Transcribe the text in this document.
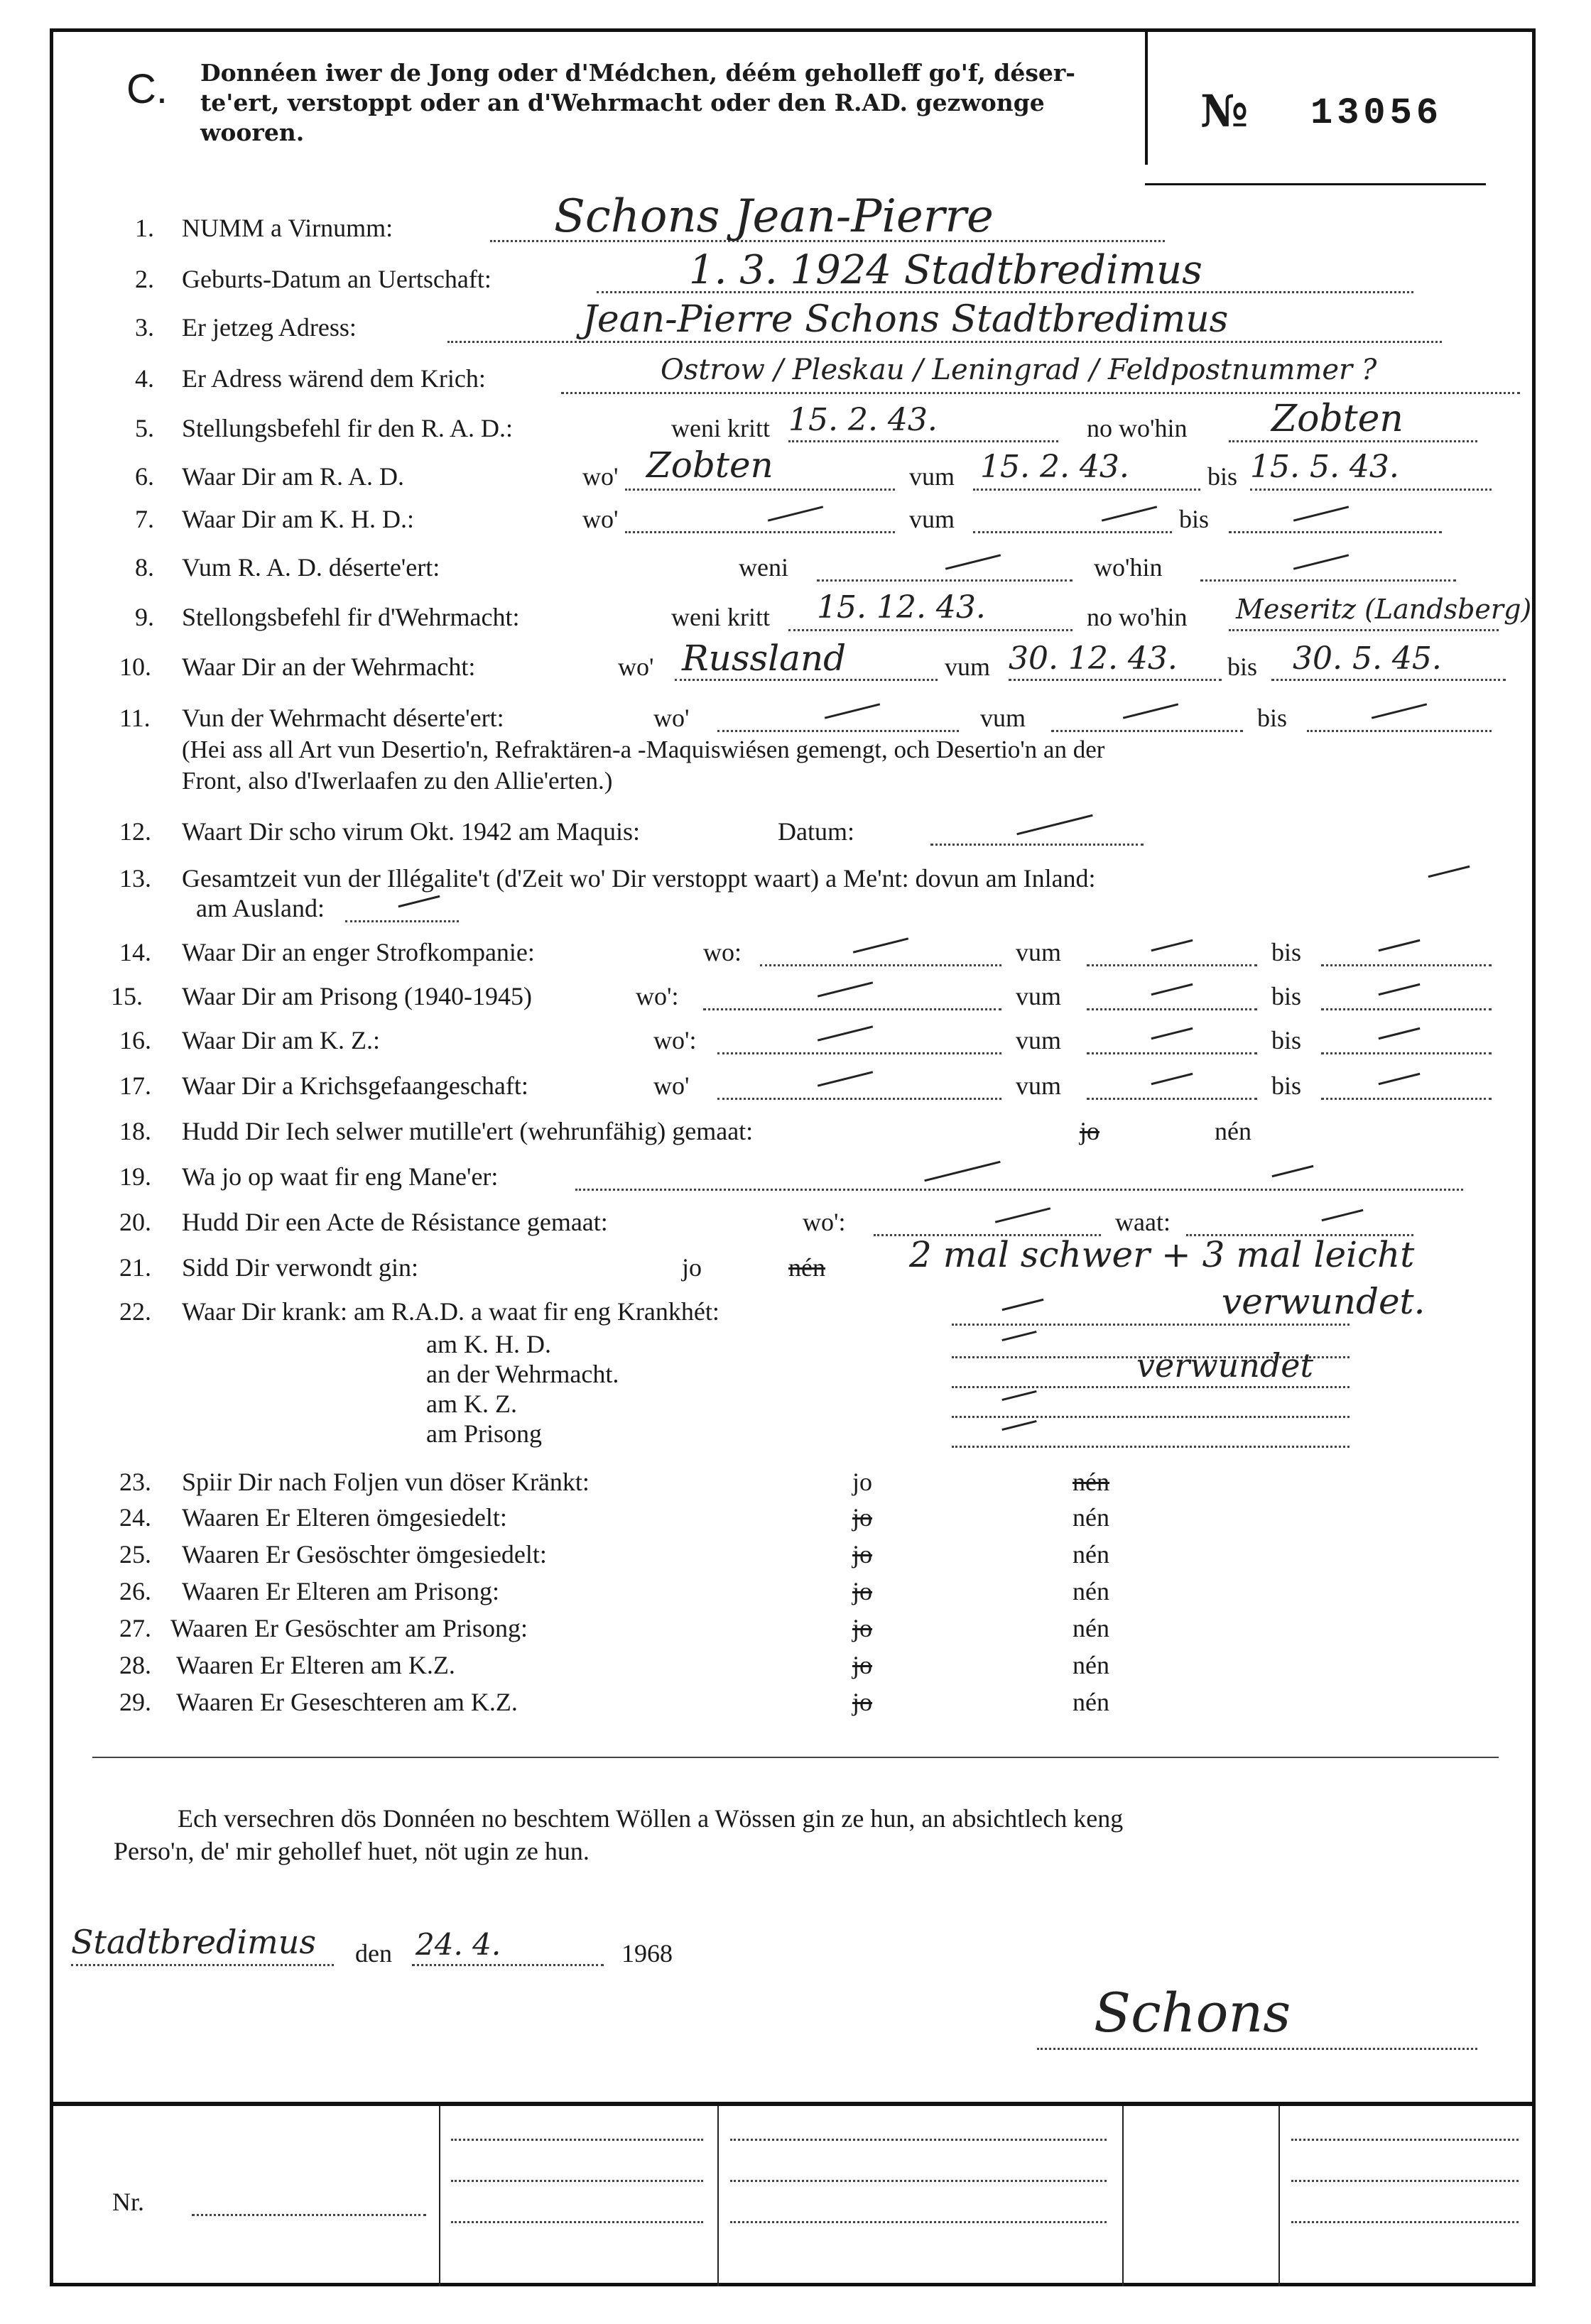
C. Donnéen iwer de Jong oder d'Médchen, déém geholleff go'f, déser-te'ert, verstoppt oder an d'Wehrmacht oder den R.AD. gezwonge wooren.	№ 13056
1. NUMM a Virnumm:	Schons Jean-Pierre
2. Geburts-Datum an Uertschaft:	1. 3. 1924 Stadtbredimus
3. Er jetzeg Adress:	Jean-Pierre Schons Stadtbredimus
4. Er Adress wärend dem Krich:	Ostrow / Pleskau / Leningrad / Feldpostnummer ?
5. Stellungsbefehl fir den R. A. D.:	weni kritt 15. 2. 43.	no wo'hin Zobten
6. Waar Dir am R. A. D.	wo' Zobten	vum 15. 2. 43.	bis 15. 5. 43.
7. Waar Dir am K. H. D.:	wo'	vum	bis
8. Vum R. A. D. déserte'ert:	weni	wo'hin
9. Stellongsbefehl fir d'Wehrmacht:	weni kritt 15. 12. 43.	no wo'hin Meseritz (Landsberg)
10. Waar Dir an der Wehrmacht:	wo' Russland	vum 30. 12. 43. bis 30. 5. 45.
11. Vun der Wehrmacht déserte'ert:	wo'	vum	bis
(Hei ass all Art vun Desertio'n, Refraktären-a -Maquiswiésen gemengt, och Desertio'n an der
Front, also d'Iwerlaafen zu den Allie'erten.)
12. Waart Dir scho virum Okt. 1942 am Maquis:	Datum:
13. Gesamtzeit vun der Illégalite't (d'Zeit wo' Dir verstoppt waart) a Me'nt: dovun am Inland:
am Ausland:
14. Waar Dir an enger Strofkompanie:	wo:	vum	bis
15. Waar Dir am Prisong (1940-1945)	wo':	vum	bis
16. Waar Dir am K. Z.:	wo':	vum	bis
17. Waar Dir a Krichsgefaangeschaft:	wo'	vum	bis
18. Hudd Dir Iech selwer mutille'ert (wehrunfähig) gemaat:	jo	nén
19. Wa jo op waat fir eng Mane'er:
20. Hudd Dir een Acte de Résistance gemaat:	wo':	waat:
21. Sidd Dir verwondt gin:	jo	nén 2 mal schwer + 3 mal leicht
22. Waar Dir krank: am R.A.D. a waat fir eng Krankhét:	verwundet.
am K. H. D.
an der Wehrmacht.	verwundet
am K. Z.
am Prisong
23. Spiir Dir nach Foljen vun döser Kränkt:	jo	nén
24. Waaren Er Elteren ömgesiedelt:	jo	nén
25. Waaren Er Gesöschter ömgesiedelt:	jo	nén
26. Waaren Er Elteren am Prisong:	jo	nén
27. Waaren Er Gesöschter am Prisong:	jo	nén
28. Waaren Er Elteren am K.Z.	jo	nén
29. Waaren Er Geseschteren am K.Z.	jo	nén
Ech versechren dös Donnéen no beschtem Wöllen a Wössen gin ze hun, an absichtlech keng
Perso'n, de' mir gehollef huet, nöt ugin ze hun.
Stadtbredimus den 24. 4.	1968
Schons
Nr.
